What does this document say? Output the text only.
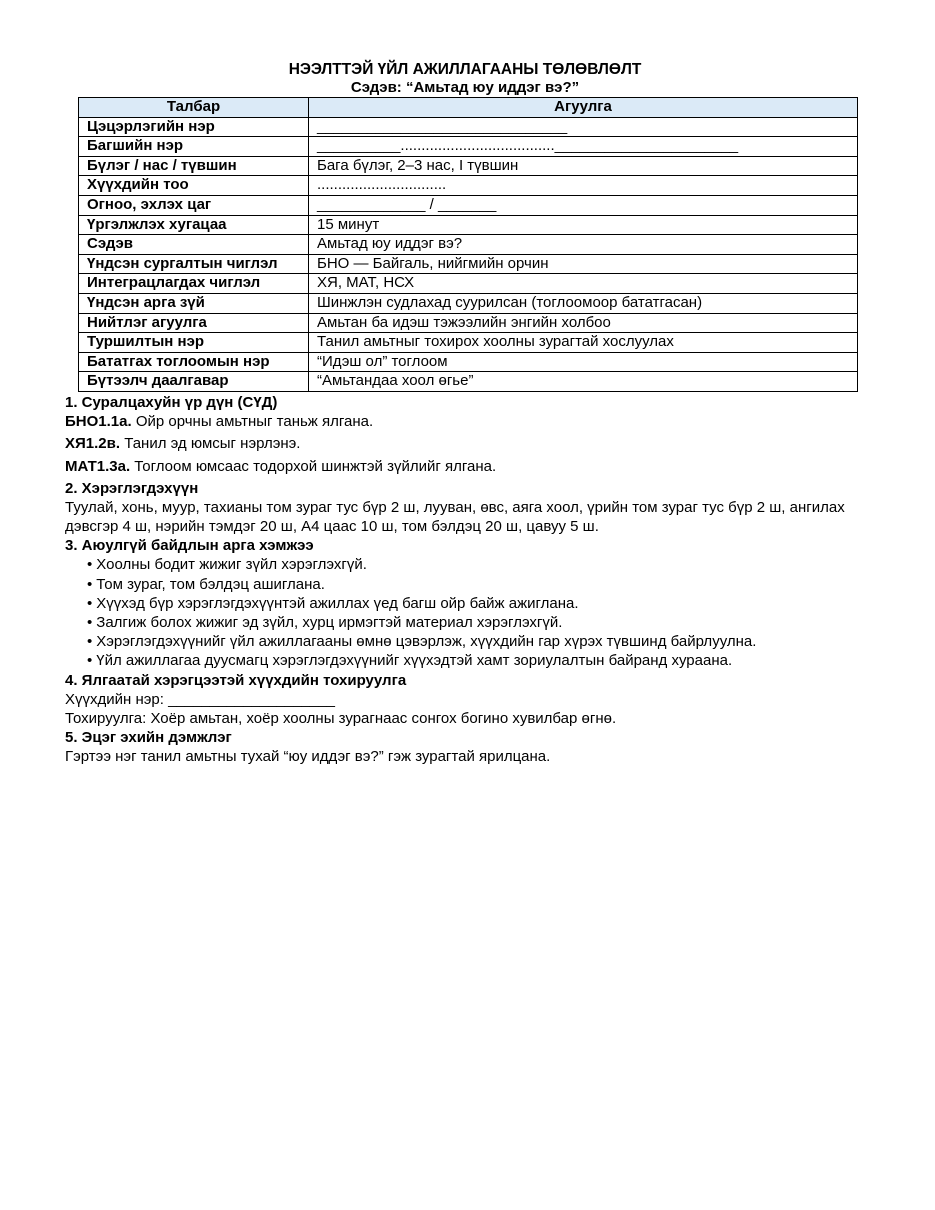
НЭЭЛТТЭЙ ҮЙЛ АЖИЛЛАГААНЫ ТӨЛӨВЛӨЛТ
Сэдэв: “Амьтад юу иддэг вэ?”
Талбар	Агуулга
Цэцэрлэгийн нэр	______________________________
Багшийн нэр	__________.....................................______________________
Бүлэг / нас / түвшин	Бага бүлэг, 2–3 нас, I түвшин
Хүүхдийн тоо	...............................
Огноо, эхлэх цаг	_____________ / _______
Үргэлжлэх хугацаа	15 минут
Сэдэв	Амьтад юу иддэг вэ?
Үндсэн сургалтын чиглэл	БНО — Байгаль, нийгмийн орчин
Интеграцлагдах чиглэл	ХЯ, МАТ, НСХ
Үндсэн арга зүй	Шинжлэн судлахад суурилсан (тоглоомоор бататгасан)
Нийтлэг агуулга	Амьтан ба идэш тэжээлийн энгийн холбоо
Туршилтын нэр	Танил амьтныг тохирох хоолны зурагтай хослуулах
Бататгах тоглоомын нэр	“Идэш ол” тоглоом
Бүтээлч даалгавар	“Амьтандаа хоол өгье”
1. Суралцахуйн үр дүн (СҮД)
БНО1.1а. Ойр орчны амьтныг таньж ялгана.
ХЯ1.2в. Танил эд юмсыг нэрлэнэ.
МАТ1.3а. Тоглоом юмсаас тодорхой шинжтэй зүйлийг ялгана.
2. Хэрэглэгдэхүүн
Туулай, хонь, муур, тахианы том зураг тус бүр 2 ш, лууван, өвс, аяга хоол, үрийн том зураг тус бүр 2 ш, ангилах дэвсгэр 4 ш, нэрийн тэмдэг 20 ш, А4 цаас 10 ш, том бэлдэц 20 ш, цавуу 5 ш.
3. Аюулгүй байдлын арга хэмжээ
• Хоолны бодит жижиг зүйл хэрэглэхгүй.
• Том зураг, том бэлдэц ашиглана.
• Хүүхэд бүр хэрэглэгдэхүүнтэй ажиллах үед багш ойр байж ажиглана.
• Залгиж болох жижиг эд зүйл, хурц ирмэгтэй материал хэрэглэхгүй.
• Хэрэглэгдэхүүнийг үйл ажиллагааны өмнө цэвэрлэж, хүүхдийн гар хүрэх түвшинд байрлуулна.
• Үйл ажиллагаа дуусмагц хэрэглэгдэхүүнийг хүүхэдтэй хамт зориулалтын байранд хураана.
4. Ялгаатай хэрэгцээтэй хүүхдийн тохируулга
Хүүхдийн нэр: ____________________
Тохируулга: Хоёр амьтан, хоёр хоолны зурагнаас сонгох богино хувилбар өгнө.
5. Эцэг эхийн дэмжлэг
Гэртээ нэг танил амьтны тухай “юу иддэг вэ?” гэж зурагтай ярилцана.
